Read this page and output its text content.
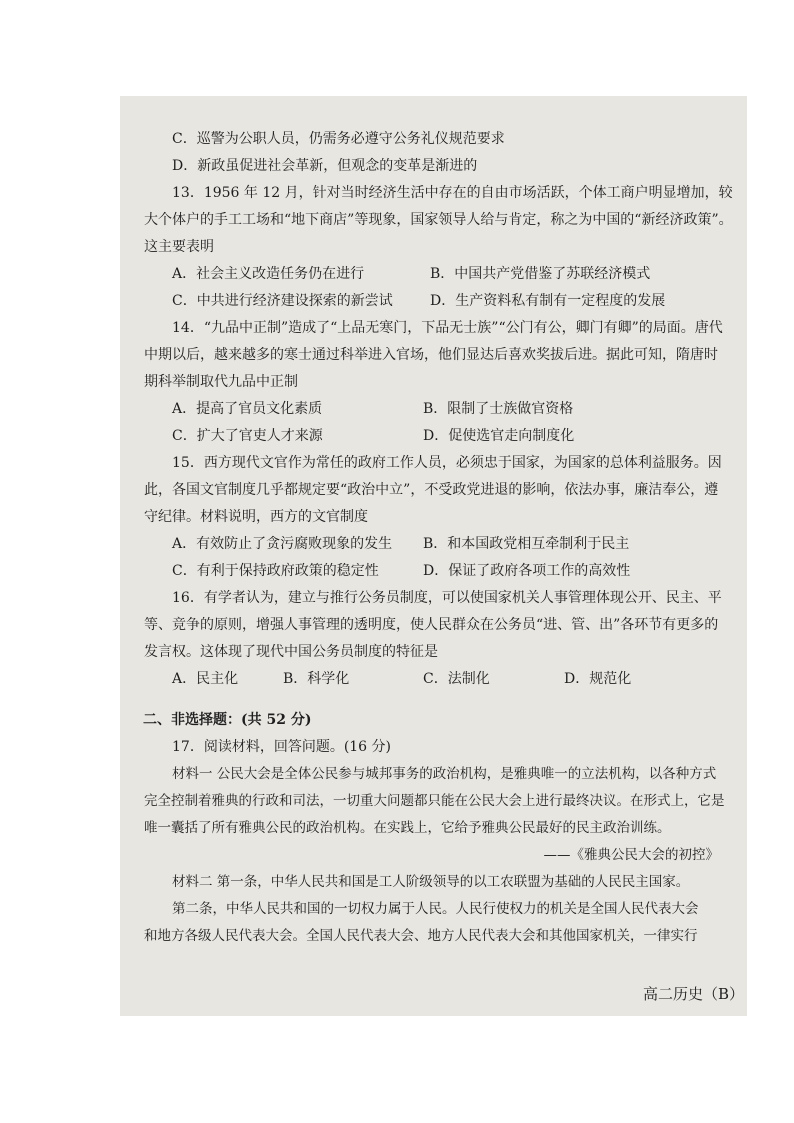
C．巡警为公职人员，仍需务必遵守公务礼仪规范要求
D．新政虽促进社会革新，但观念的变革是渐进的
13．1956 年 12 月，针对当时经济生活中存在的自由市场活跃，个体工商户明显增加，较
大个体户的手工工场和“地下商店”等现象，国家领导人给与肯定，称之为中国的“新经济政策”。
这主要表明
A．社会主义改造任务仍在进行	B．中国共产党借鉴了苏联经济模式
C．中共进行经济建设探索的新尝试	D．生产资料私有制有一定程度的发展
14．“九品中正制”造成了“上品无寒门，下品无士族”“公门有公，卿门有卿”的局面。唐代
中期以后，越来越多的寒士通过科举进入官场，他们显达后喜欢奖拔后进。据此可知，隋唐时
期科举制取代九品中正制
A．提高了官员文化素质	B．限制了士族做官资格
C．扩大了官吏人才来源	D．促使选官走向制度化
15．西方现代文官作为常任的政府工作人员，必须忠于国家，为国家的总体利益服务。因
此，各国文官制度几乎都规定要“政治中立”，不受政党进退的影响，依法办事，廉洁奉公，遵
守纪律。材料说明，西方的文官制度
A．有效防止了贪污腐败现象的发生 B．和本国政党相互牵制利于民主
C．有利于保持政府政策的稳定性	D．保证了政府各项工作的高效性
16．有学者认为，建立与推行公务员制度，可以使国家机关人事管理体现公开、民主、平
等、竞争的原则，增强人事管理的透明度，使人民群众在公务员“进、管、出”各环节有更多的
发言权。这体现了现代中国公务员制度的特征是
A．民主化	B．科学化	C．法制化	D．规范化
二、非选择题：(共 52 分)
17．阅读材料，回答问题。(16 分)
材料一 公民大会是全体公民参与城邦事务的政治机构，是雅典唯一的立法机构，以各种方式
完全控制着雅典的行政和司法，一切重大问题都只能在公民大会上进行最终决议。在形式上，它是
唯一囊括了所有雅典公民的政治机构。在实践上，它给予雅典公民最好的民主政治训练。
——《雅典公民大会的初控》
材料二 第一条，中华人民共和国是工人阶级领导的以工农联盟为基础的人民民主国家。
第二条，中华人民共和国的一切权力属于人民。人民行使权力的机关是全国人民代表大会
和地方各级人民代表大会。全国人民代表大会、地方人民代表大会和其他国家机关，一律实行
高二历史（B）
